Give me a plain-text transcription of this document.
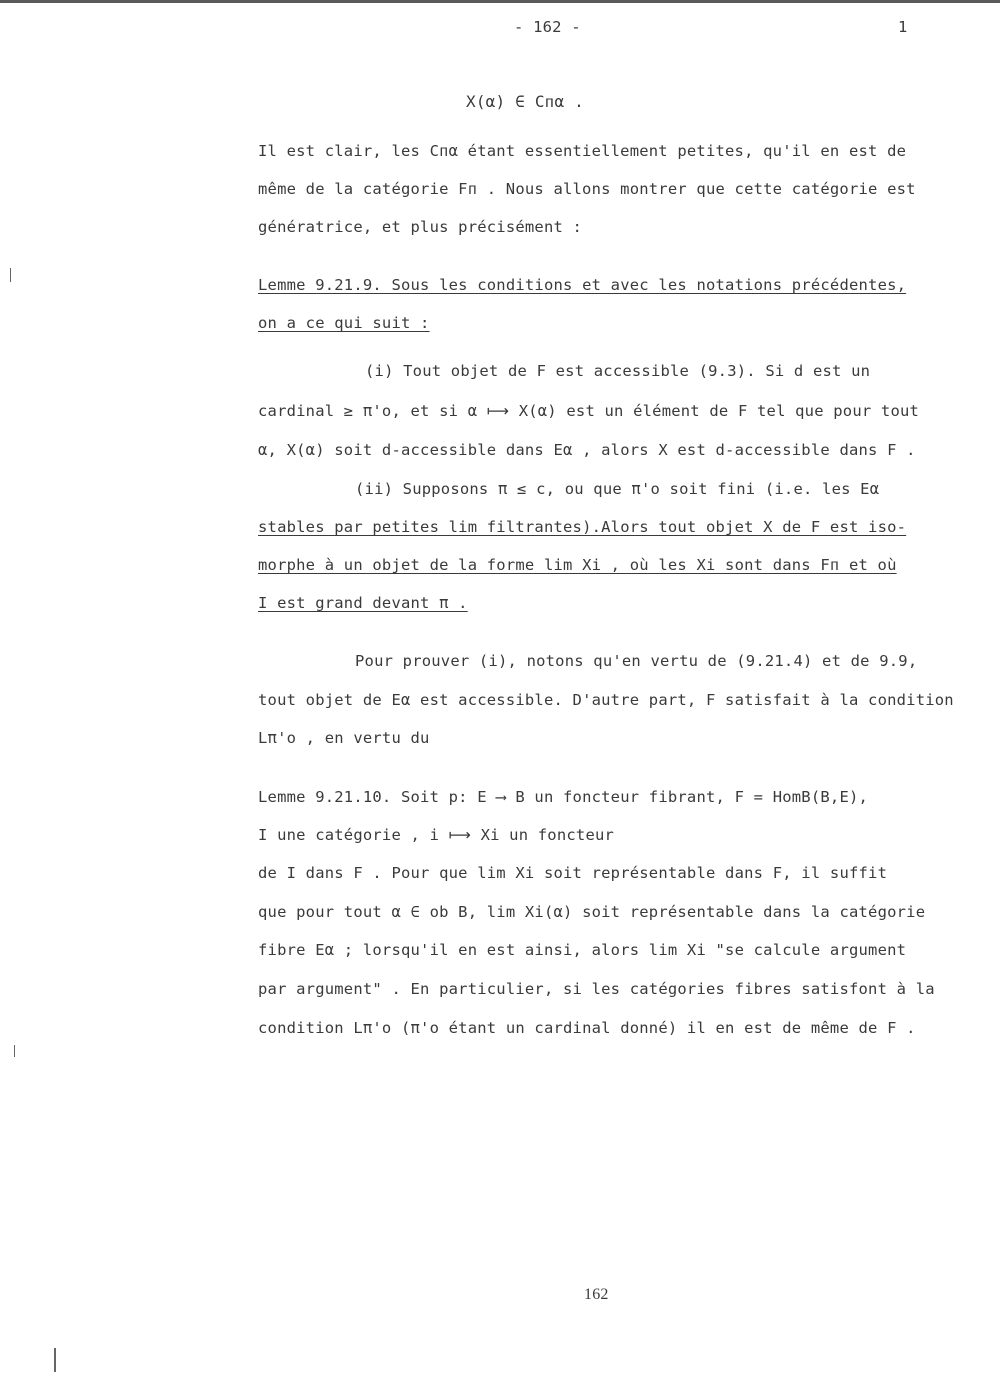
- 162 -	1
X(α) ∈ Cᴨα .
Il est clair, les Cᴨα étant essentiellement petites, qu'il en est de
même de la catégorie Fᴨ . Nous allons montrer que cette catégorie est
génératrice, et plus précisément :
Lemme 9.21.9. Sous les conditions et avec les notations précédentes,
on a ce qui suit :
(i) Tout objet de F est accessible (9.3). Si d est un
cardinal ≥ π'o, et si α ⟼ X(α) est un élément de F tel que pour tout
α, X(α) soit d-accessible dans Eα , alors X est d-accessible dans F .
(ii) Supposons π ≤ c, ou que π'o soit fini (i.e. les Eα
stables par petites lim filtrantes).Alors tout objet X de F est iso-
morphe à un objet de la forme lim Xi , où les Xi sont dans Fᴨ et où
I est grand devant π .
Pour prouver (i), notons qu'en vertu de (9.21.4) et de 9.9,
tout objet de Eα est accessible. D'autre part, F satisfait à la condition
Lπ'o , en vertu du
Lemme 9.21.10. Soit p: E ⟶ B un foncteur fibrant, F = HomB(B,E),
I une catégorie , i ⟼ Xi un foncteur
de I dans F . Pour que lim Xi soit représentable dans F, il suffit
que pour tout α ∈ ob B, lim Xi(α) soit représentable dans la catégorie
fibre Eα ; lorsqu'il en est ainsi, alors lim Xi "se calcule argument
par argument" . En particulier, si les catégories fibres satisfont à la
condition Lπ'o (π'o étant un cardinal donné) il en est de même de F .
162
